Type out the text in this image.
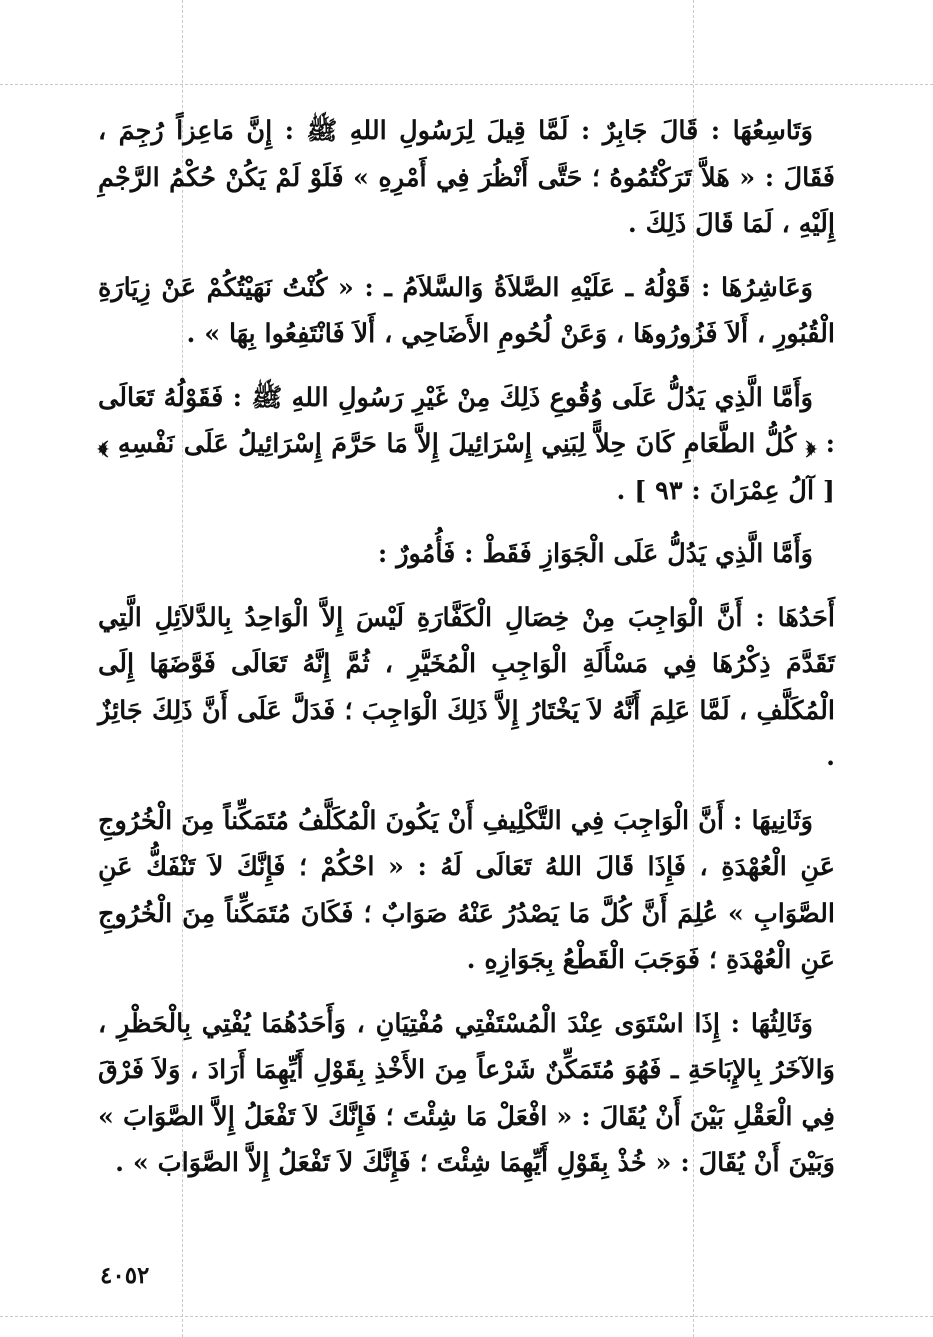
وَتَاسِعُهَا : قَالَ جَابِرٌ : لَمَّا قِيلَ لِرَسُولِ اللهِ ﷺ : إِنَّ مَاعِزاً رُجِمَ ، فَقَالَ : « هَلاَّ تَرَكْتُمُوهُ ؛ حَتَّى أَنْظُرَ فِي أَمْرِهِ » فَلَوْ لَمْ يَكُنْ حُكْمُ الرَّجْمِ إِلَيْهِ ، لَمَا قَالَ ذَلِكَ .

وَعَاشِرُهَا : قَوْلُهُ ـ عَلَيْهِ الصَّلاَةُ وَالسَّلاَمُ ـ : « كُنْتُ نَهَيْتُكُمْ عَنْ زِيَارَةِ الْقُبُورِ ، أَلاَ فَزُورُوهَا ، وَعَنْ لُحُومِ الأَضَاحِي ، أَلاَ فَانْتَفِعُوا بِهَا » .

وَأَمَّا الَّذِي يَدُلُّ عَلَى وُقُوعِ ذَلِكَ مِنْ غَيْرِ رَسُولِ اللهِ ﷺ : فَقَوْلُهُ تَعَالَى : ﴿ كُلُّ الطَّعَامِ كَانَ حِلاًّ لِبَنِي إِسْرَائِيلَ إِلاَّ مَا حَرَّمَ إِسْرَائِيلُ عَلَى نَفْسِهِ ﴾ [ آلُ عِمْرَانَ : ٩٣ ] .

وَأَمَّا الَّذِي يَدُلُّ عَلَى الْجَوَازِ فَقَطْ : فَأُمُورٌ :

أَحَدُهَا : أَنَّ الْوَاجِبَ مِنْ خِصَالِ الْكَفَّارَةِ لَيْسَ إِلاَّ الْوَاحِدُ بِالدَّلاَئِلِ الَّتِي تَقَدَّمَ ذِكْرُهَا فِي مَسْأَلَةِ الْوَاجِبِ الْمُخَيَّرِ ، ثُمَّ إِنَّهُ تَعَالَى فَوَّضَهَا إِلَى الْمُكَلَّفِ ، لَمَّا عَلِمَ أَنَّهُ لاَ يَخْتَارُ إِلاَّ ذَلِكَ الْوَاجِبَ ؛ فَدَلَّ عَلَى أَنَّ ذَلِكَ جَائِزٌ .

وَثَانِيهَا : أَنَّ الْوَاجِبَ فِي التَّكْلِيفِ أَنْ يَكُونَ الْمُكَلَّفُ مُتَمَكِّناً مِنَ الْخُرُوجِ عَنِ الْعُهْدَةِ ، فَإِذَا قَالَ اللهُ تَعَالَى لَهُ : « احْكُمْ ؛ فَإِنَّكَ لاَ تَنْفَكُّ عَنِ الصَّوَابِ » عُلِمَ أَنَّ كُلَّ مَا يَصْدُرُ عَنْهُ صَوَابٌ ؛ فَكَانَ مُتَمَكِّناً مِنَ الْخُرُوجِ عَنِ الْعُهْدَةِ ؛ فَوَجَبَ الْقَطْعُ بِجَوَازِهِ .

وَثَالِثُهَا : إِذَا اسْتَوَى عِنْدَ الْمُسْتَفْتِي مُفْتِيَانِ ، وَأَحَدُهُمَا يُفْتِي بِالْحَظْرِ ، وَالآخَرُ بِالإِبَاحَةِ ـ فَهُوَ مُتَمَكِّنٌ شَرْعاً مِنَ الأَخْذِ بِقَوْلِ أَيِّهِمَا أَرَادَ ، وَلاَ فَرْقَ فِي الْعَقْلِ بَيْنَ أَنْ يُقَالَ : « افْعَلْ مَا شِئْتَ ؛ فَإِنَّكَ لاَ تَفْعَلُ إِلاَّ الصَّوَابَ » وَبَيْنَ أَنْ يُقَالَ : « خُذْ بِقَوْلِ أَيِّهِمَا شِئْتَ ؛ فَإِنَّكَ لاَ تَفْعَلُ إِلاَّ الصَّوَابَ » .

٤٠٥٢
